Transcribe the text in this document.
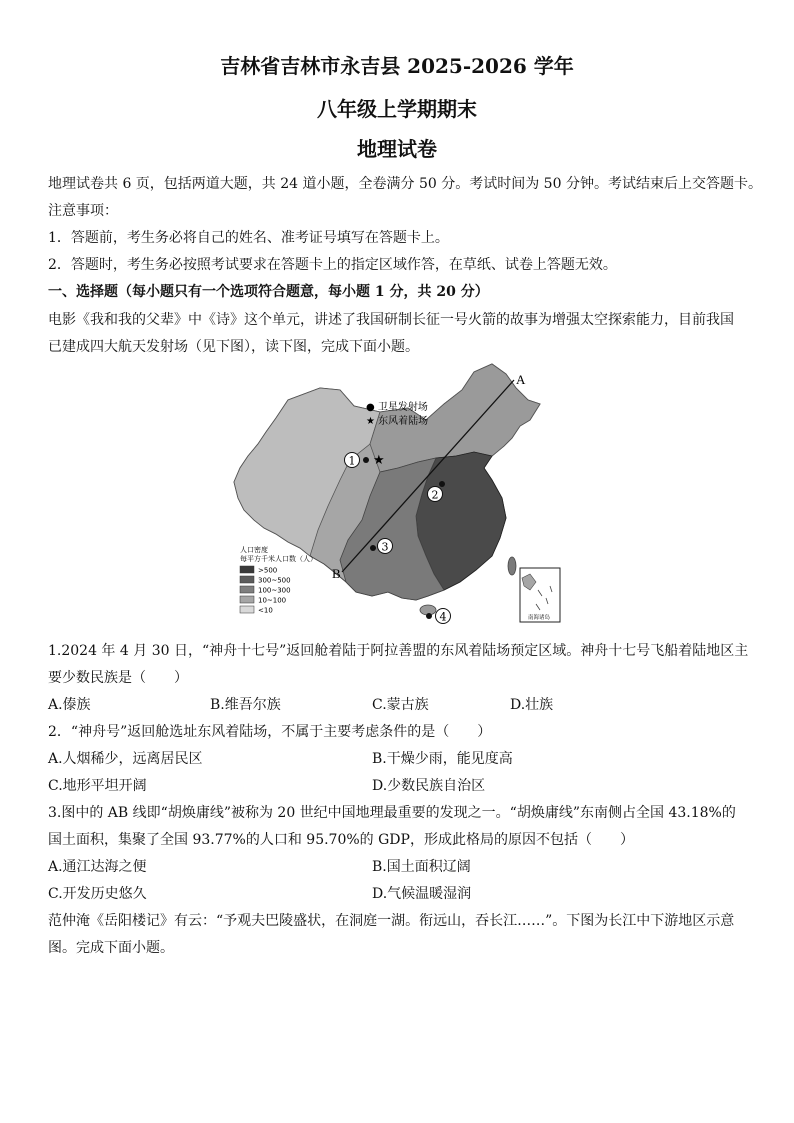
吉林省吉林市永吉县 2025-2026 学年
八年级上学期期末
地理试卷
地理试卷共 6 页，包括两道大题，共 24 道小题，全卷满分 50 分。考试时间为 50 分钟。考试结束后上交答题卡。
注意事项：
1．答题前，考生务必将自己的姓名、准考证号填写在答题卡上。
2．答题时，考生务必按照考试要求在答题卡上的指定区域作答，在草纸、试卷上答题无效。
一、选择题（每小题只有一个选项符合题意，每小题 1 分，共 20 分）
电影《我和我的父辈》中《诗》这个单元，讲述了我国研制长征一号火箭的故事为增强太空探索能力，目前我国
已建成四大航天发射场（见下图），读下图，完成下面小题。
A
B
● 卫星发射场
★ 东风着陆场
1 ★
2
3
4
人口密度
每平方千米人口数（人）
>500
300~500
100~300
10~100
<10
南海诸岛
1.2024 年 4 月 30 日，“神舟十七号”返回舱着陆于阿拉善盟的东风着陆场预定区域。神舟十七号飞船着陆地区主
要少数民族是（　　）
A.傣族	B.维吾尔族	C.蒙古族	D.壮族
2．“神舟号”返回舱选址东风着陆场，不属于主要考虑条件的是（　　）
A.人烟稀少，远离居民区	B.干燥少雨，能见度高
C.地形平坦开阔	D.少数民族自治区
3.图中的 AB 线即“胡焕庸线”被称为 20 世纪中国地理最重要的发现之一。“胡焕庸线”东南侧占全国 43.18%的
国土面积，集聚了全国 93.77%的人口和 95.70%的 GDP，形成此格局的原因不包括（　　）
A.通江达海之便	B.国土面积辽阔
C.开发历史悠久	D.气候温暖湿润
范仲淹《岳阳楼记》有云：“予观夫巴陵盛状，在洞庭一湖。衔远山，吞长江……”。下图为长江中下游地区示意
图。完成下面小题。
